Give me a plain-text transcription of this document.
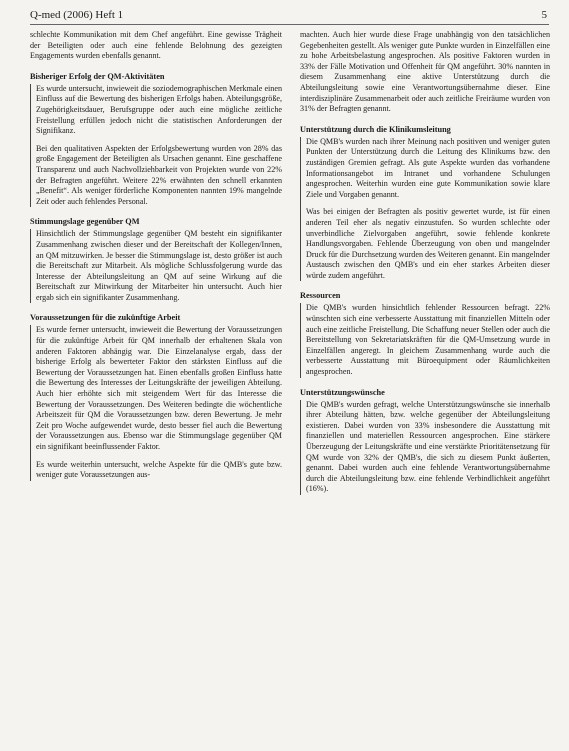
Q-med (2006) Heft 1	5

schlechte Kommunikation mit dem Chef angeführt. Eine gewisse Trägheit der Beteiligten oder auch eine fehlende Belohnung des gezeigten Engagements wurden ebenfalls genannt.

Bisheriger Erfolg der QM-Aktivitäten

Es wurde untersucht, inwieweit die soziodemographischen Merkmale einen Einfluss auf die Bewertung des bisherigen Erfolgs haben. Abteilungsgröße, Zugehörigkeitsdauer, Berufsgruppe oder auch eine mögliche zeitliche Freistellung erfüllen jedoch nicht die statistischen Anforderungen der Signifikanz.

Bei den qualitativen Aspekten der Erfolgsbewertung wurden von 28% das große Engagement der Beteiligten als Ursachen genannt. Eine geschaffene Transparenz und auch Nachvollziehbarkeit von Projekten wurde von 22% der Befragten angeführt. Weitere 22% erwähnten den schnell erkannten „Benefit“. Als weniger förderliche Komponenten nannten 19% mangelnde Zeit oder auch fehlendes Personal.

Stimmungslage gegenüber QM

Hinsichtlich der Stimmungslage gegenüber QM besteht ein signifikanter Zusammenhang zwischen dieser und der Bereitschaft der Kollegen/Innen, an QM mitzuwirken. Je besser die Stimmungslage ist, desto größer ist auch die Bereitschaft zur Mitarbeit. Als mögliche Schlussfolgerung wurde das Interesse der Abteilungsleitung an QM auf seine Wirkung auf die Bereitschaft zur Mitwirkung der Mitarbeiter hin untersucht. Auch hier ergab sich ein signifikanter Zusammenhang.

Voraussetzungen für die zukünftige Arbeit

Es wurde ferner untersucht, inwieweit die Bewertung der Voraussetzungen für die zukünftige Arbeit für QM innerhalb der erhaltenen Skala von anderen Faktoren abhängig war. Die Einzelanalyse ergab, dass der bisherige Erfolg als bewerteter Faktor den stärksten Einfluss auf die Bewertung der Voraussetzungen hat. Einen ebenfalls großen Einfluss hatte die Bewertung des Interesses der Leitungskräfte der jeweiligen Abteilung. Auch hier erhöhte sich mit steigendem Wert für das Interesse die Bewertung der Voraussetzungen. Des Weiteren bedingte die wöchentliche Arbeitszeit für QM die Voraussetzungen bzw. deren Bewertung. Je mehr Zeit pro Woche aufgewendet wurde, desto besser fiel auch die Bewertung der Voraussetzungen aus. Ebenso war die Stimmungslage gegenüber QM ein signifikant beeinflussender Faktor.

Es wurde weiterhin untersucht, welche Aspekte für die QMB's gute bzw. weniger gute Voraussetzungen aus-

machten. Auch hier wurde diese Frage unabhängig von den tatsächlichen Gegebenheiten gestellt. Als weniger gute Punkte wurden in Einzelfällen eine zu hohe Arbeitsbelastung angesprochen. Als positive Faktoren wurden in 33% der Fälle Motivation und Offenheit für QM angeführt. 30% nannten in diesem Zusammenhang eine aktive Unterstützung durch die Abteilungsleitung sowie eine Verantwortungsübernahme dieser. Eine interdisziplinäre Zusammenarbeit oder auch zeitliche Freiräume wurden von 31% der Befragten genannt.

Unterstützung durch die Klinikumsleitung

Die QMB's wurden nach ihrer Meinung nach positiven und weniger guten Punkten der Unterstützung durch die Leitung des Klinikums bzw. den zuständigen Gremien gefragt. Als gute Aspekte wurden das vorhandene Informationsangebot im Intranet und vorhandene Schulungen angesprochen. Weiterhin wurden eine gute Kommunikation sowie klare Ziele und Vorgaben genannt.

Was bei einigen der Befragten als positiv gewertet wurde, ist für einen anderen Teil eher als negativ einzustufen. So wurden schlechte oder unverbindliche Zielvorgaben angeführt, sowie fehlende konkrete Handlungsvorgaben. Fehlende Überzeugung von oben und mangelnder Druck für die Durchsetzung wurden des Weiteren genannt. Ein mangelnder Austausch zwischen den QMB's und ein eher starkes Arbeiten dieser würde zudem angeführt.

Ressourcen

Die QMB's wurden hinsichtlich fehlender Ressourcen befragt. 22% wünschten sich eine verbesserte Ausstattung mit finanziellen Mitteln oder auch eine zeitliche Freistellung. Die Schaffung neuer Stellen oder auch die Bereitstellung von Sekretariatskräften für die QM-Umsetzung wurde in Einzelfällen angeregt. In gleichem Zusammenhang wurde auch die verbesserte Ausstattung mit Büroequipment oder Räumlichkeiten angesprochen.

Unterstützungswünsche

Die QMB's wurden gefragt, welche Unterstützungswünsche sie innerhalb ihrer Abteilung hätten, bzw. welche gegenüber der Abteilungsleitung existieren. Dabei wurden von 33% insbesondere die Ausstattung mit finanziellen und materiellen Ressourcen angesprochen. Eine stärkere Überzeugung der Leitungskräfte und eine verstärkte Prioritätensetzung für QM wurde von 32% der QMB's, die sich zu diesem Punkt äußerten, genannt. Dabei wurden auch eine fehlende Verantwortungsübernahme durch die Abteilungsleitung bzw. eine fehlende Verbindlichkeit angeführt (16%).
